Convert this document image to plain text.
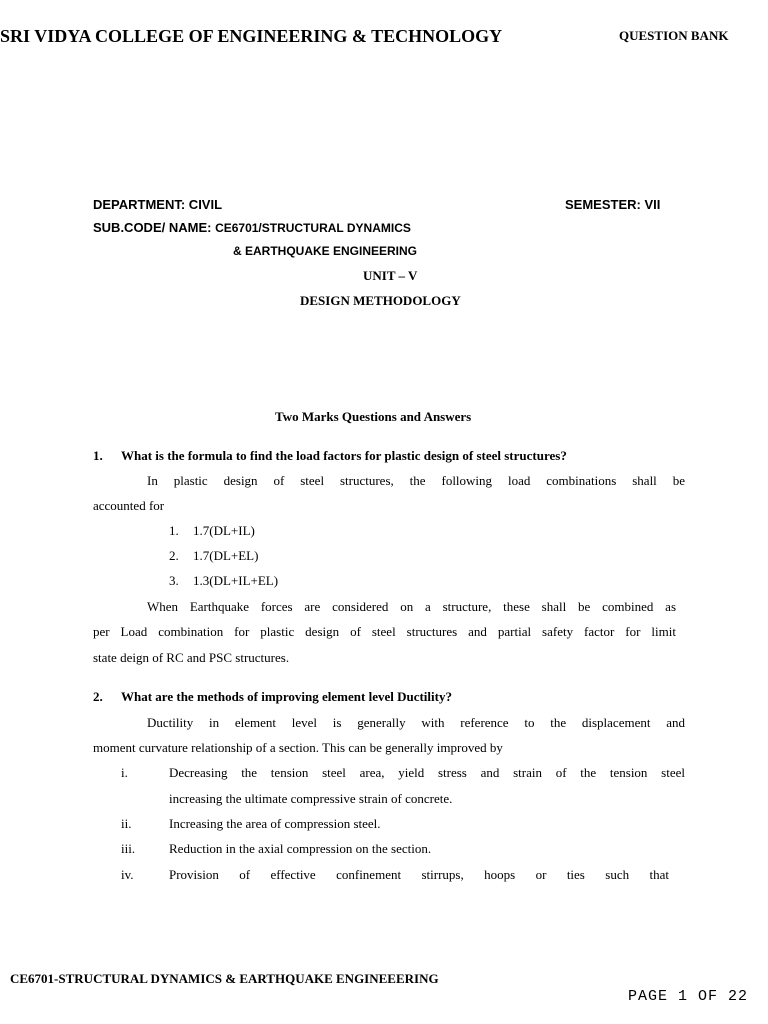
SRI VIDYA COLLEGE OF ENGINEERING & TECHNOLOGY	QUESTION BANK
DEPARTMENT: CIVIL	SEMESTER: VII
SUB.CODE/ NAME: CE6701/STRUCTURAL DYNAMICS
& EARTHQUAKE ENGINEERING
UNIT – V
DESIGN METHODOLOGY
Two Marks Questions and Answers
1. What is the formula to find the load factors for plastic design of steel structures?
In plastic design of steel structures, the following load combinations shall be
accounted for
1. 1.7(DL+IL)
2. 1.7(DL+EL)
3. 1.3(DL+IL+EL)
When Earthquake forces are considered on a structure, these shall be combined as
per Load combination for plastic design of steel structures and partial safety factor for limit
state deign of RC and PSC structures.
2. What are the methods of improving element level Ductility?
Ductility in element level is generally with reference to the displacement and
moment curvature relationship of a section. This can be generally improved by
i.	Decreasing the tension steel area, yield stress and strain of the tension steel
increasing the ultimate compressive strain of concrete.
ii.	Increasing the area of compression steel.
iii.	Reduction in the axial compression on the section.
iv.	Provision of effective confinement stirrups, hoops or ties such that
CE6701-STRUCTURAL DYNAMICS & EARTHQUAKE ENGINEEERING
PAGE 1 OF 22
